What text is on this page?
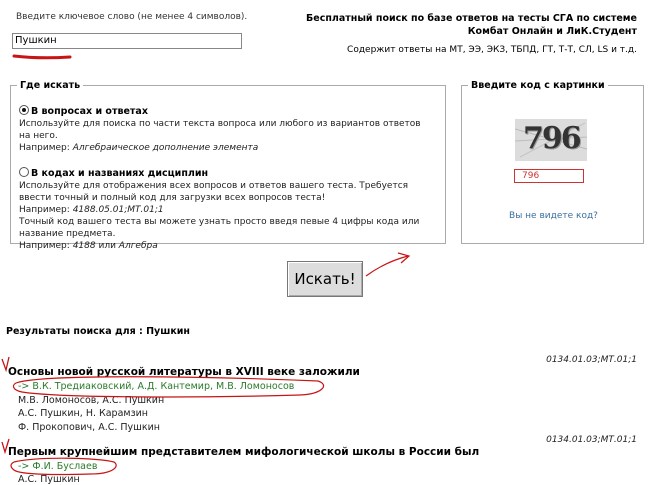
Введите ключевое слово (не менее 4 символов).
Пушкин
Бесплатный поиск по базе ответов на тесты СГА по системе Комбат Онлайн и ЛиК.Студент
Содержит ответы на МТ, ЭЭ, ЭКЗ, ТБПД, ГТ, Т-Т, СЛ, LS и т.д.
Где искать
В вопросах и ответах
Используйте для поиска по части текста вопроса или любого из вариантов ответов на него.
Например: Алгебраическое дополнение элемента
В кодах и названиях дисциплин
Используйте для отображения всех вопросов и ответов вашего теста. Требуется ввести точный и полный код для загрузки всех вопросов теста!
Например: 4188.05.01;МТ.01;1
Точный код вашего теста вы можете узнать просто введя певые 4 цифры кода или название предмета.
Например: 4188 или Алгебра
Введите код с картинки
796
796
Вы не видете код?
Искать!
Результаты поиска для : Пушкин
0134.01.03;МТ.01;1
Основы новой русской литературы в XVIII веке заложили
-> В.К. Тредиаковский, А.Д. Кантемир, М.В. Ломоносов
М.В. Ломоносов, А.С. Пушкин
А.С. Пушкин, Н. Карамзин
Ф. Прокопович, А.С. Пушкин
0134.01.03;МТ.01;1
Первым крупнейшим представителем мифологической школы в России был
-> Ф.И. Буслаев
А.С. Пушкин
